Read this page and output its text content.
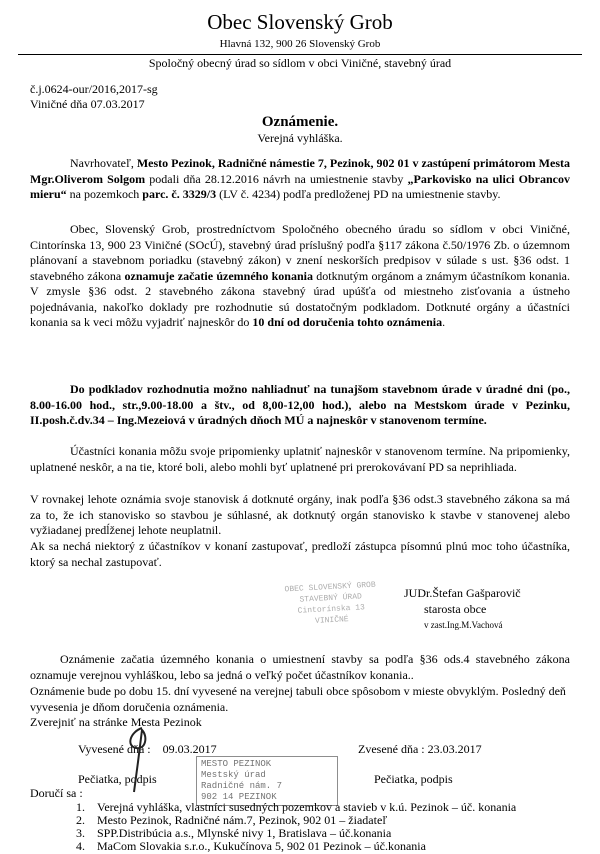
Obec Slovenský Grob
Hlavná 132, 900 26 Slovenský Grob
Spoločný obecný úrad so sídlom v obci Viničné, stavebný úrad
č.j.0624-our/2016,2017-sg
Viničné dňa 07.03.2017
Oznámenie.
Verejná vyhláška.
Navrhovateľ, Mesto Pezinok, Radničné námestie 7, Pezinok, 902 01 v zastúpení primátorom Mesta Mgr.Oliverom Solgom podali dňa 28.12.2016 návrh na umiestnenie stavby „Parkovisko na ulici Obrancov mieru“ na pozemkoch parc. č. 3329/3 (LV č. 4234) podľa predloženej PD na umiestnenie stavby.
Obec, Slovenský Grob, prostredníctvom Spoločného obecného úradu so sídlom v obci Viničné, Cintorínska 13, 900 23 Viničné (SOcÚ), stavebný úrad príslušný podľa §117 zákona č.50/1976 Zb. o územnom plánovaní a stavebnom poriadku (stavebný zákon) v znení neskorších predpisov v súlade s ust. §36 odst. 1 stavebného zákona oznamuje začatie územného konania dotknutým orgánom a známym účastníkom konania. V zmysle §36 odst. 2 stavebného zákona stavebný úrad upúšťa od miestneho zisťovania a ústneho pojednávania, nakoľko doklady pre rozhodnutie sú dostatočným podkladom. Dotknuté orgány a účastníci konania sa k veci môžu vyjadriť najneskôr do 10 dní od doručenia tohto oznámenia.
Do podkladov rozhodnutia možno nahliadnuť na tunajšom stavebnom úrade v úradné dni (po., 8.00-16.00 hod., str.,9.00-18.00 a štv., od 8,00-12,00 hod.), alebo na Mestskom úrade v Pezinku, II.posh.č.dv.34 – Ing.Mezeiová v úradných dňoch MÚ a najneskôr v stanovenom termíne.
Účastníci konania môžu svoje pripomienky uplatniť najneskôr v stanovenom termíne. Na pripomienky, uplatnené neskôr, a na tie, ktoré boli, alebo mohli byť uplatnené pri prerokovávaní PD sa neprihliada.
V rovnakej lehote oznámia svoje stanovisk á dotknuté orgány, inak podľa §36 odst.3 stavebného zákona sa má za to, že ich stanovisko so stavbou je súhlasné, ak dotknutý orgán stanovisko k stavbe v stanovenej alebo vyžiadanej predĺženej lehote neuplatnil.
Ak sa nechá niektorý z účastníkov v konaní zastupovať, predloží zástupca písomnú plnú moc toho účastníka, ktorý sa nechal zastupovať.
OBEC SLOVENSKÝ GROB
STAVEBNÝ ÚRAD
Cintorínska 13
VINIČNÉ
JUDr.Štefan Gašparovič
starosta obce
v zast.Ing.M.Vachová
Oznámenie začatia územného konania o umiestnení stavby sa podľa §36 ods.4 stavebného zákona oznamuje verejnou vyhláškou, lebo sa jedná o veľký počet účastníkov konania..
Oznámenie bude po dobu 15. dní vyvesené na verejnej tabuli obce spôsobom v mieste obvyklým. Posledný deň vyvesenia je dňom doručenia oznámenia.
Zverejniť na stránke Mesta Pezinok
Vyvesené dňa : 09.03.2017	Zvesené dňa : 23.03.2017
Pečiatka, podpis	Pečiatka, podpis
MESTO PEZINOK
Mestský úrad
Radničné nám. 7
902 14 PEZINOK
Doručí sa :
1. Verejná vyhláška, vlastníci susedných pozemkov a stavieb v k.ú. Pezinok – úč. konania
2. Mesto Pezinok, Radničné nám.7, Pezinok, 902 01 – žiadateľ
3. SPP.Distribúcia a.s., Mlynské nivy 1, Bratislava – úč.konania
4. MaCom Slovakia s.r.o., Kukučínova 5, 902 01 Pezinok – úč.konania
